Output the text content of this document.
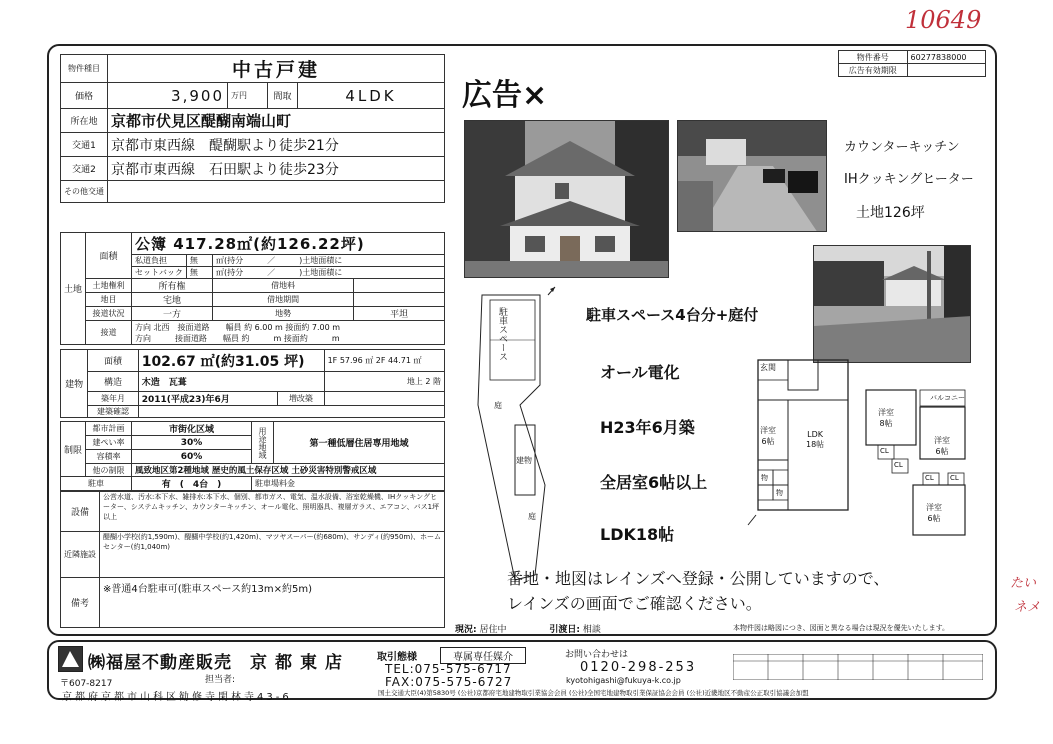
10649
たい
ネメ
物件種目	中古戸建			
価格	3,900	万円	間取	4LDK
所在地	京都市伏見区醍醐南端山町			
交通1	京都市東西線　醍醐駅より徒歩21分			
交通2	京都市東西線　石田駅より徒歩23分			
その他交通				
土地	面積	公簿 417.28㎡(約126.22坪)			
		私道負担	無	㎡(持分　　　／　　　)土地面積に	
		セットバック	無	㎡(持分　　　／　　　)土地面積に	
	土地権利	所有権		借地料	
	地目	宅地		借地期間	
	接道状況	一方		地勢	平坦
	接道	方向 北西　接面道路　　幅員 約 6.00 m 接面約 7.00 m
方向　　　接面道路　　幅員 約　　　m 接面約　　　m			
建物	面積	102.67 ㎡(約31.05 坪)		1F 57.96 ㎡ 2F 44.71 ㎡
	構造	木造　瓦葺		地上 2 階
	築年月	2011(平成23)年6月	増改築	
	建築確認			
制限	都市計画	市街化区域	用途地域	第一種低層住居専用地域
	建ぺい率	30%		
	容積率	60%		
	他の制限	風致地区第2種地域 歴史的風土保存区域 土砂災害特別警戒区域		
駐車		有　(　4台　)	駐車場料金	
設備	公営水道、汚水:本下水、雑排水:本下水、個別、都市ガス、電気、温水設備、浴室乾燥機、IHクッキングヒーター、システムキッチン、カウンターキッチン、オール電化、照明器具、複層ガラス、エアコン、バス1坪以上
近隣施設	醍醐小学校(約1,590m)、醍醐中学校(約1,420m)、マツヤスーパー(約680m)、サンディ(約950m)、ホームセンター(約1,040m)
備考	※普通4台駐車可(駐車スペース約13m×約5m)
物件番号	60277838000
広告有効期限	
広告×
カウンターキッチン
IHクッキングヒーター
土地126坪
駐車スペース4台分+庭付
オール電化
H23年6月築
全居室6帖以上
LDK18帖
駐車スペース
庭
建物
庭
玄関
洋室
6帖
LDK
18帖
物
物
バルコニー
洋室
8帖
洋室
6帖
洋室
6帖
CL
CL
CL CL
番地・地図はレインズへ登録・公開していますので、
レインズの画面でご確認ください。
現況: 居住中	引渡日: 相談	本物件図は略図につき、図面と異なる場合は現況を優先いたします。
㈱福屋不動産販売 京都東店
担当者:
〒607-8217
京都府京都市山科区勧修寺閑林寺43-6
取引態様	専属専任媒介	お問い合わせは
TEL:075-575-6717
FAX:075-575-6727
0120-298-253
kyotohigashi@fukuya-k.co.jp
国土交通大臣(4)第5830号 (公社)京都府宅地建物取引業協会会員 (公社)全国宅地建物取引業保証協会会員 (公社)近畿地区不動産公正取引協議会加盟
